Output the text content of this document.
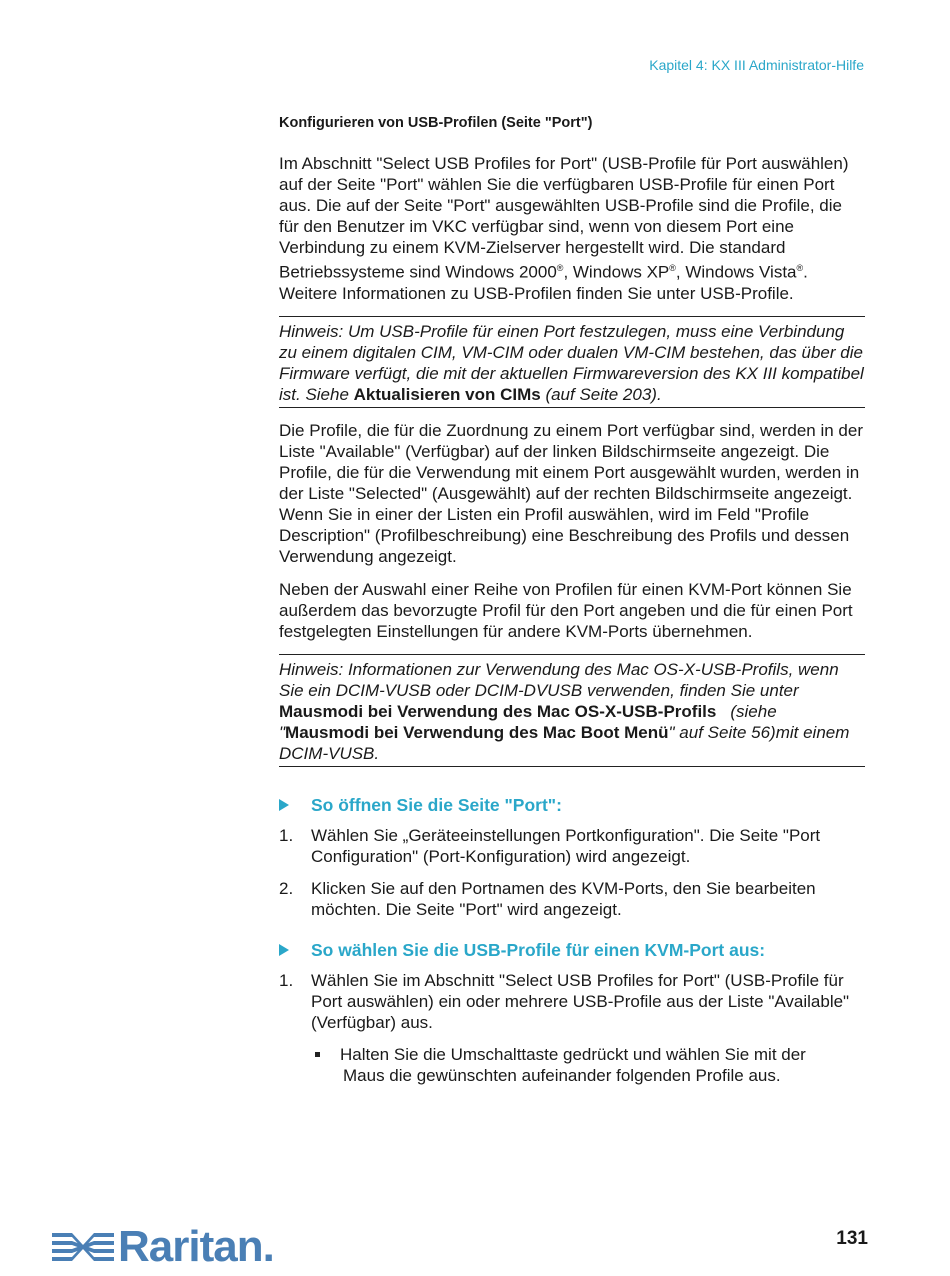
Kapitel 4: KX III Administrator-Hilfe
Konfigurieren von USB-Profilen (Seite "Port")

Im Abschnitt "Select USB Profiles for Port" (USB-Profile für Port auswählen) auf der Seite "Port" wählen Sie die verfügbaren USB-Profile für einen Port aus. Die auf der Seite "Port" ausgewählten USB-Profile sind die Profile, die für den Benutzer im VKC verfügbar sind, wenn von diesem Port eine Verbindung zu einem KVM-Zielserver hergestellt wird. Die standard Betriebssysteme sind Windows 2000®, Windows XP®, Windows Vista®. Weitere Informationen zu USB-Profilen finden Sie unter USB-Profile.

Hinweis: Um USB-Profile für einen Port festzulegen, muss eine Verbindung zu einem digitalen CIM, VM-CIM oder dualen VM-CIM bestehen, das über die Firmware verfügt, die mit der aktuellen Firmwareversion des KX III kompatibel ist. Siehe Aktualisieren von CIMs (auf Seite 203).

Die Profile, die für die Zuordnung zu einem Port verfügbar sind, werden in der Liste "Available" (Verfügbar) auf der linken Bildschirmseite angezeigt. Die Profile, die für die Verwendung mit einem Port ausgewählt wurden, werden in der Liste "Selected" (Ausgewählt) auf der rechten Bildschirmseite angezeigt. Wenn Sie in einer der Listen ein Profil auswählen, wird im Feld "Profile Description" (Profilbeschreibung) eine Beschreibung des Profils und dessen Verwendung angezeigt.

Neben der Auswahl einer Reihe von Profilen für einen KVM-Port können Sie außerdem das bevorzugte Profil für den Port angeben und die für einen Port festgelegten Einstellungen für andere KVM-Ports übernehmen.

Hinweis: Informationen zur Verwendung des Mac OS-X-USB-Profils, wenn Sie ein DCIM-VUSB oder DCIM-DVUSB verwenden, finden Sie unter Mausmodi bei Verwendung des Mac OS-X-USB-Profils (siehe "Mausmodi bei Verwendung des Mac Boot Menü" auf Seite 56)mit einem DCIM-VUSB.
So öffnen Sie die Seite "Port":
1. Wählen Sie „Geräteeinstellungen Portkonfiguration". Die Seite "Port Configuration" (Port-Konfiguration) wird angezeigt.
2. Klicken Sie auf den Portnamen des KVM-Ports, den Sie bearbeiten möchten. Die Seite "Port" wird angezeigt.
So wählen Sie die USB-Profile für einen KVM-Port aus:
1. Wählen Sie im Abschnitt "Select USB Profiles for Port" (USB-Profile für Port auswählen) ein oder mehrere USB-Profile aus der Liste "Available" (Verfügbar) aus.
Halten Sie die Umschalttaste gedrückt und wählen Sie mit der
Maus die gewünschten aufeinander folgenden Profile aus.
Raritan.	131
